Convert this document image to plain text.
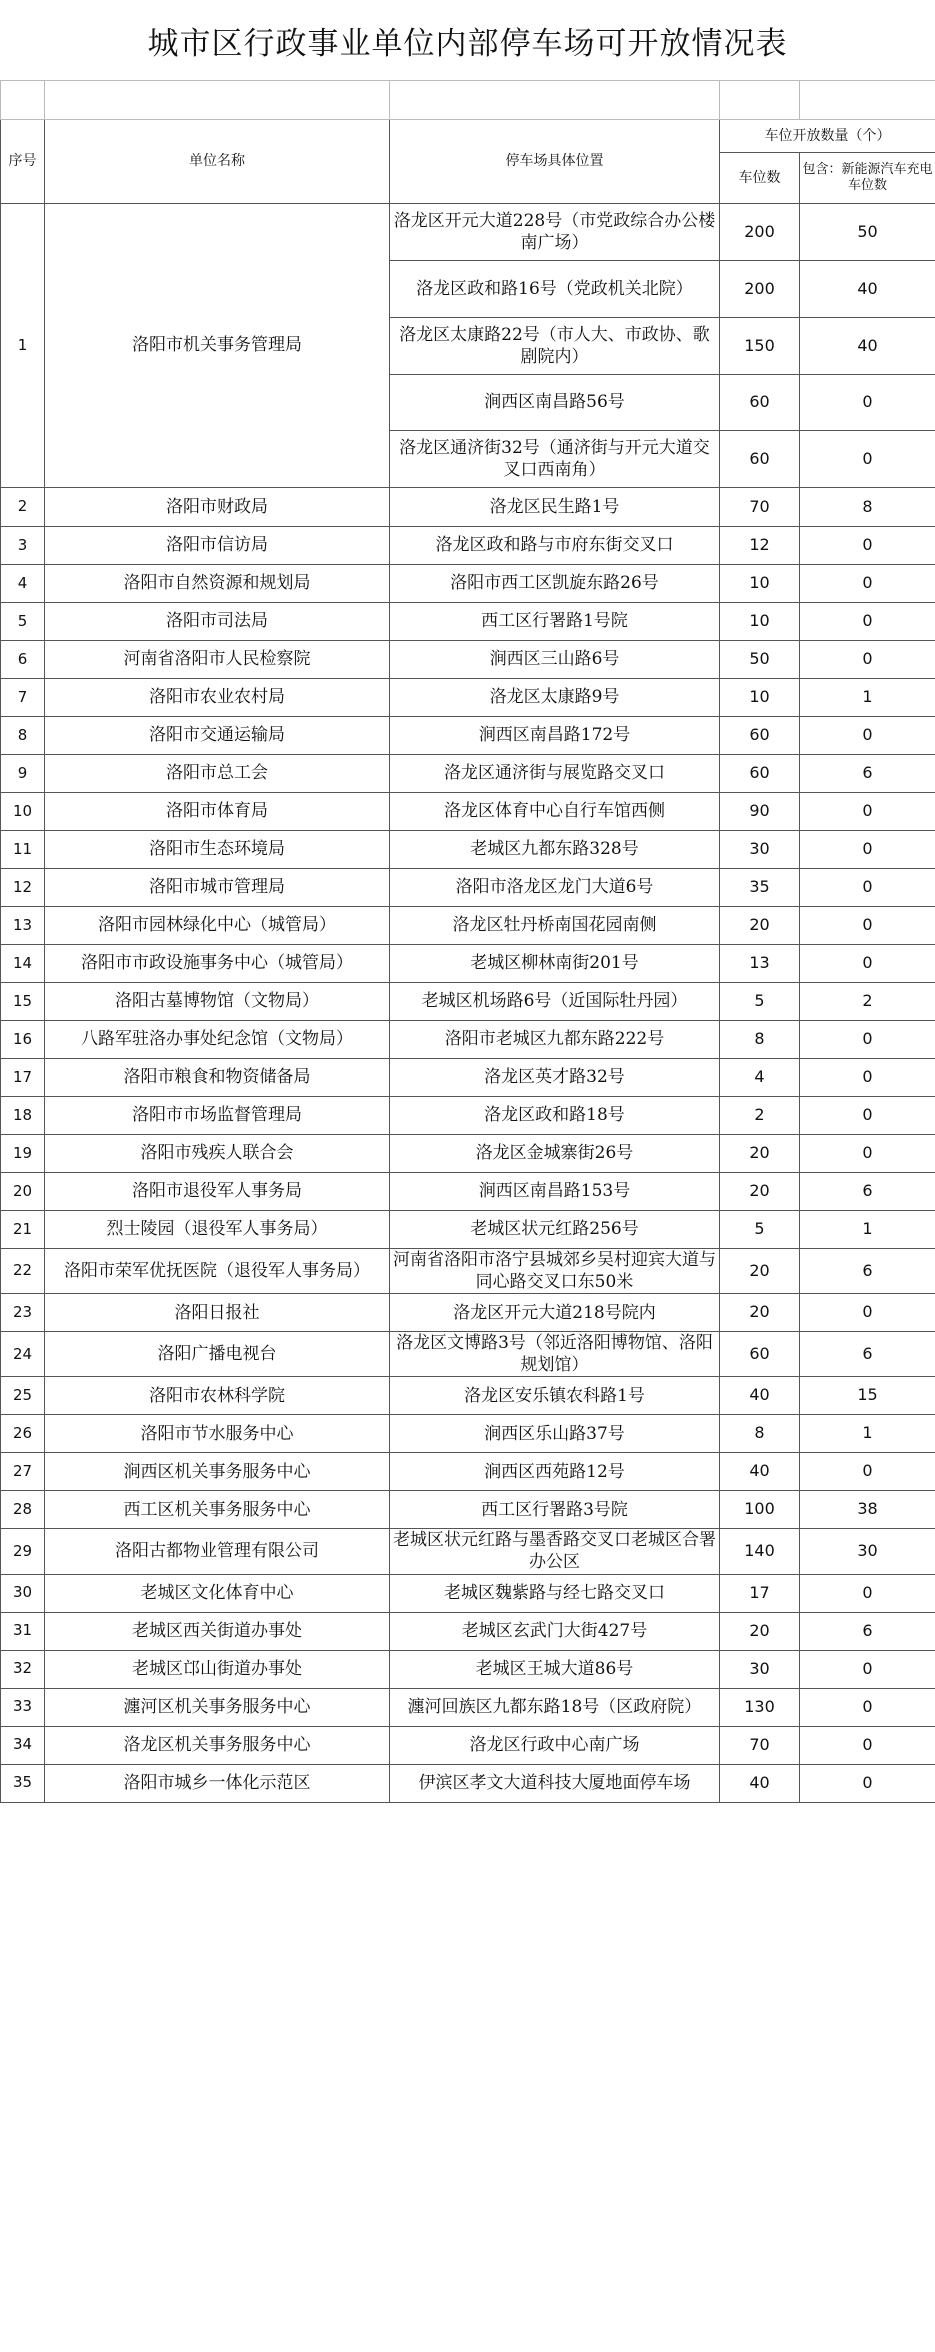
城市区行政事业单位内部停车场可开放情况表

序号	单位名称	停车场具体位置	车位开放数量（个）	
			车位数	包含：新能源汽车充电车位数
1	洛阳市机关事务管理局	洛龙区开元大道228号（市党政综合办公楼南广场）	200	50
		洛龙区政和路16号（党政机关北院）	200	40
		洛龙区太康路22号（市人大、市政协、歌剧院内）	150	40
		涧西区南昌路56号	60	0
		洛龙区通济街32号（通济街与开元大道交叉口西南角）	60	0
2	洛阳市财政局	洛龙区民生路1号	70	8
3	洛阳市信访局	洛龙区政和路与市府东街交叉口	12	0
4	洛阳市自然资源和规划局	洛阳市西工区凯旋东路26号	10	0
5	洛阳市司法局	西工区行署路1号院	10	0
6	河南省洛阳市人民检察院	涧西区三山路6号	50	0
7	洛阳市农业农村局	洛龙区太康路9号	10	1
8	洛阳市交通运输局	涧西区南昌路172号	60	0
9	洛阳市总工会	洛龙区通济街与展览路交叉口	60	6
10	洛阳市体育局	洛龙区体育中心自行车馆西侧	90	0
11	洛阳市生态环境局	老城区九都东路328号	30	0
12	洛阳市城市管理局	洛阳市洛龙区龙门大道6号	35	0
13	洛阳市园林绿化中心（城管局）	洛龙区牡丹桥南国花园南侧	20	0
14	洛阳市市政设施事务中心（城管局）	老城区柳林南街201号	13	0
15	洛阳古墓博物馆（文物局）	老城区机场路6号（近国际牡丹园）	5	2
16	八路军驻洛办事处纪念馆（文物局）	洛阳市老城区九都东路222号	8	0
17	洛阳市粮食和物资储备局	洛龙区英才路32号	4	0
18	洛阳市市场监督管理局	洛龙区政和路18号	2	0
19	洛阳市残疾人联合会	洛龙区金城寨街26号	20	0
20	洛阳市退役军人事务局	涧西区南昌路153号	20	6
21	烈士陵园（退役军人事务局）	老城区状元红路256号	5	1
22	洛阳市荣军优抚医院（退役军人事务局）	河南省洛阳市洛宁县城郊乡吴村迎宾大道与同心路交叉口东50米	20	6
23	洛阳日报社	洛龙区开元大道218号院内	20	0
24	洛阳广播电视台	洛龙区文博路3号（邻近洛阳博物馆、洛阳规划馆）	60	6
25	洛阳市农林科学院	洛龙区安乐镇农科路1号	40	15
26	洛阳市节水服务中心	涧西区乐山路37号	8	1
27	涧西区机关事务服务中心	涧西区西苑路12号	40	0
28	西工区机关事务服务中心	西工区行署路3号院	100	38
29	洛阳古都物业管理有限公司	老城区状元红路与墨香路交叉口老城区合署办公区	140	30
30	老城区文化体育中心	老城区魏紫路与经七路交叉口	17	0
31	老城区西关街道办事处	老城区玄武门大街427号	20	6
32	老城区邙山街道办事处	老城区王城大道86号	30	0
33	瀍河区机关事务服务中心	瀍河回族区九都东路18号（区政府院）	130	0
34	洛龙区机关事务服务中心	洛龙区行政中心南广场	70	0
35	洛阳市城乡一体化示范区	伊滨区孝文大道科技大厦地面停车场	40	0
